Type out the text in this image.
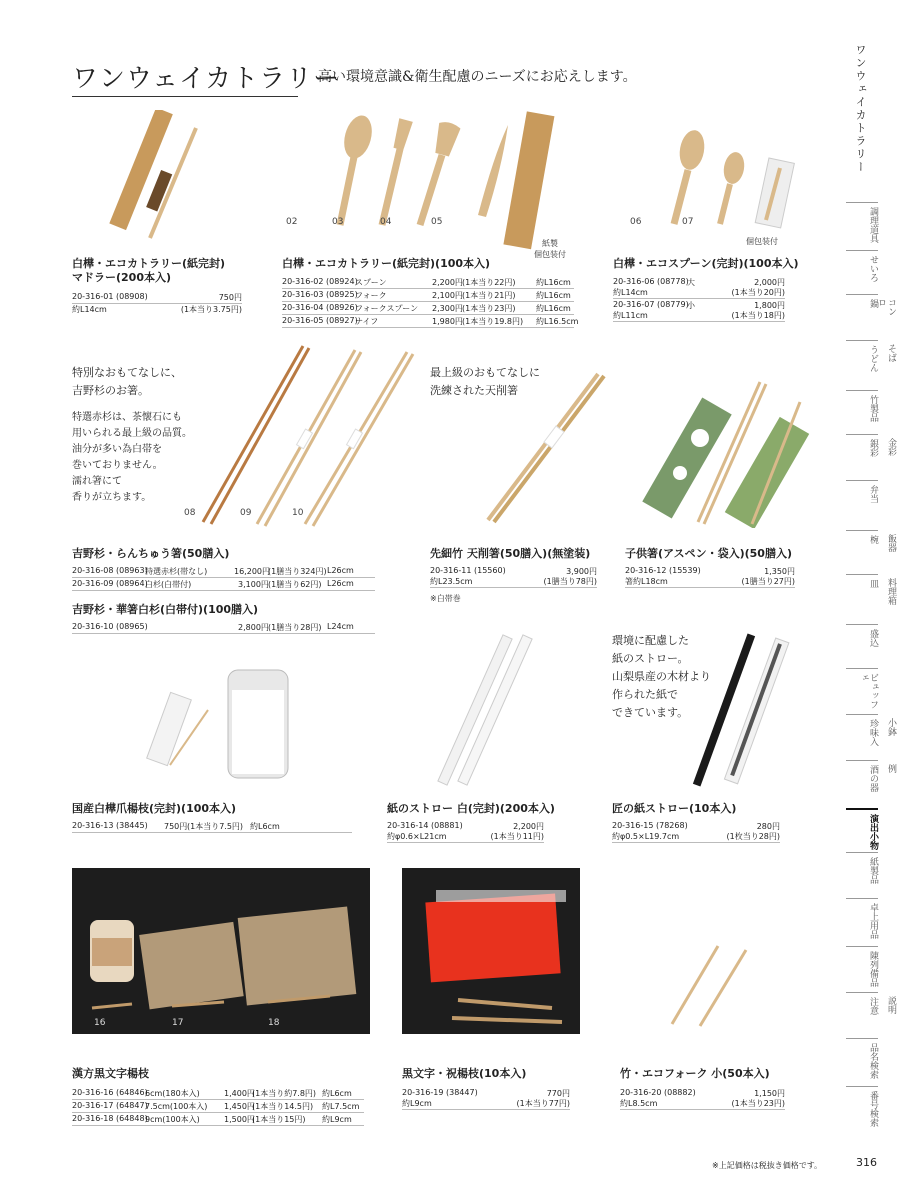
ワンウェイカトラリー
高い環境意識&衛生配慮のニーズにお応えします。
白樺・エコカトラリー(紙完封)
マドラー(200本入)
20-316-01 (08908)	750円
約L14cm	(1本当り3.75円)
02	03	04	05
紙製
個包装付
白樺・エコカトラリー(紙完封)(100本入)
20-316-02 (08924)
スプーン	2,200円 (1本当り22円)	約L16cm
20-316-03 (08925)
フォーク	2,100円 (1本当り21円)	約L16cm
20-316-04 (08926)
フォークスプーン 2,300円 (1本当り23円)	約L16cm
20-316-05 (08927)
ナイフ	1,980円 (1本当り19.8円) 約L16.5cm
06	07
個包装付
白樺・エコスプーン(完封)(100本入)
20-316-06 (08778)
大	2,000円
約L14cm	(1本当り20円)
20-316-07 (08779)
小	1,800円
約L11cm	(1本当り18円)
特別なおもてなしに、
吉野杉のお箸。
特選赤杉は、茶懐石にも
用いられる最上級の品質。
油分が多い為白帯を
巻いておりません。
濡れ箸にて
香りが立ちます。
08	09	10
吉野杉・らんちゅう箸(50膳入)
20-316-08 (08963)
特選赤杉(帯なし)	16,200円
(1膳当り324円) L26cm
20-316-09 (08964)
白杉(白帯付)	3,100円 (1膳当り62円) L26cm
吉野杉・華箸白杉(白帯付)(100膳入)
20-316-10 (08965)	2,800円 (1膳当り28円) L24cm
最上級のおもてなしに
洗練された天削箸
先細竹 天削箸(50膳入)(無塗装)
20-316-11 (15560)	3,900円
約L23.5cm	(1膳当り78円)
※白帯巻
子供箸(アスペン・袋入)(50膳入)
20-316-12 (15539)	1,350円
箸約L18cm	(1膳当り27円)
国産白樺爪楊枝(完封)(100本入)
20-316-13 (38445) 750円 (1本当り7.5円) 約L6cm
紙のストロー 白(完封)(200本入)
20-316-14 (08881)	2,200円
約φ0.6×L21cm	(1本当り11円)
環境に配慮した
紙のストロー。
山梨県産の木材より
作られた紙で
できています。
匠の紙ストロー(10本入)
20-316-15 (78268)	280円
約φ0.5×L19.7cm	(1枚当り28円)
16	17	18
漢方黒文字楊枝
20-316-16 (64846)
6cm(180本入)	1,400円
(1本当り約7.8円) 約L6cm
20-316-17 (64847)
7.5cm(100本入) 1,450円
(1本当り14.5円) 約L7.5cm
20-316-18 (64848)
9cm(100本入)	1,500円
(1本当り15円) 約L9cm
黒文字・祝楊枝(10本入)
20-316-19 (38447)	770円
約L9cm	(1本当り77円)
竹・エコフォーク 小(50本入)
20-316-20 (08882)	1,150円
約L8.5cm	(1本当り23円)
※上記価格は税抜き価格です。	316
ワンウェイカトラリー
調理道具
せいろ
鍋 コンロ
うどん そば
竹製品
銀彩 金彩
弁当
椀 飯器
皿 料理箱
盛込
ビュッフェ
珍味入 小鉢
酒の器 例
演出小物
紙製品
卓上用品
陳列備品
注意 説明
品名検索
番号検索
